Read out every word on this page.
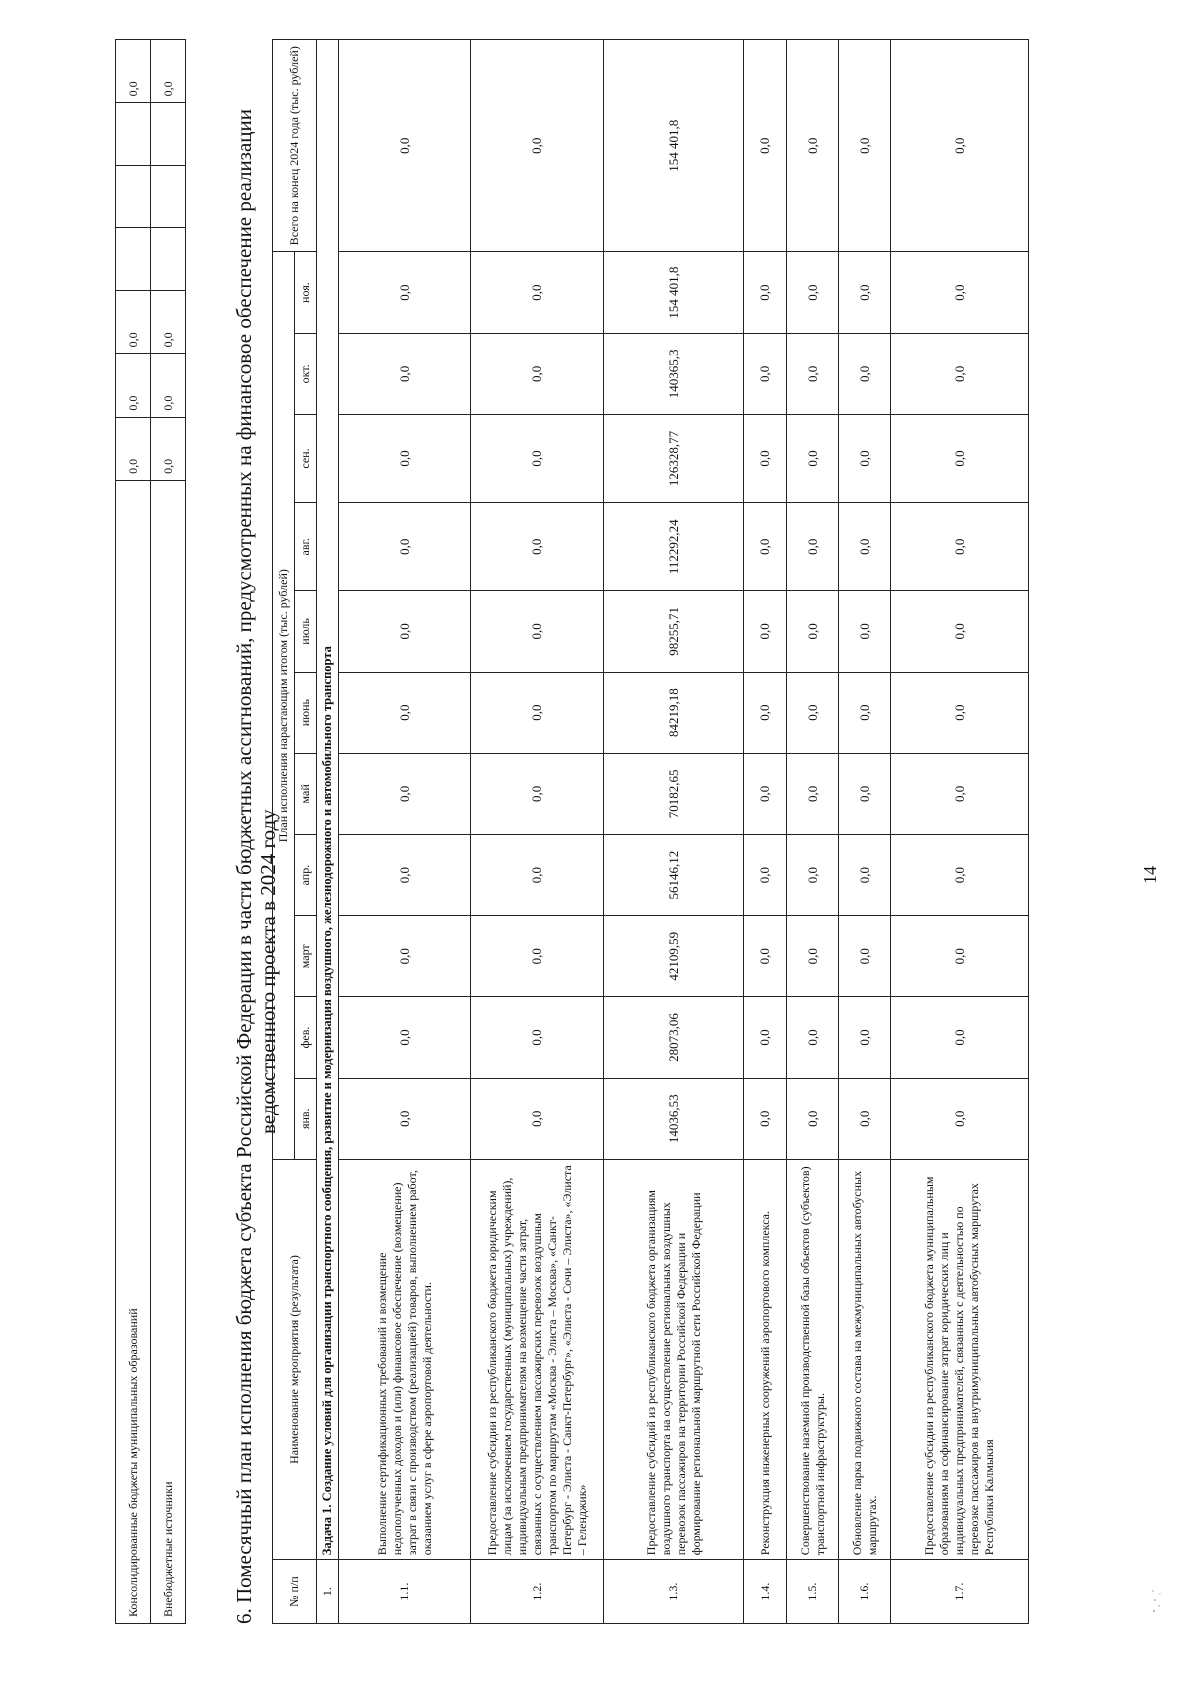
Консолидированные бюджеты муниципальных образований	0,0	0,0	0,0				0,0
Внебюджетные источники	0,0	0,0	0,0				0,0
6. Помесячный план исполнения бюджета субъекта Российской Федерации в части бюджетных ассигнований, предусмотренных на финансовое обеспечение реализации ведомственного проекта в 2024 году
№ п/п	Наименование мероприятия (результата)	План исполнения нарастающим итогом (тыс. рублей)											Всего на конец 2024 года (тыс. рублей)
		янв.	фев.	март	апр.	май	июнь	июль	авг.	сен.	окт.	ноя.	
1.	Задача 1. Создание условий для организации транспортного сообщения, развитие и модернизация воздушного, железнодорожного и автомобильного транспорта												
1.1.	Выполнение сертификационных требований и возмещение недополученных доходов и (или) финансовое обеспечение (возмещение) затрат в связи с производством (реализацией) товаров, выполнением работ, оказанием услуг в сфере аэропортовой деятельности.	0,0	0,0	0,0	0,0	0,0	0,0	0,0	0,0	0,0	0,0	0,0	0,0
1.2.	Предоставление субсидии из республиканского бюджета юридическим лицам (за исключением государственных (муниципальных) учреждений), индивидуальным предпринимателям на возмещение части затрат, связанных с осуществлением пассажирских перевозок воздушным транспортом по маршрутам «Москва - Элиста – Москва», «Санкт-Петербург - Элиста - Санкт-Петербург», «Элиста - Сочи – Элиста», «Элиста – Геленджик»	0,0	0,0	0,0	0,0	0,0	0,0	0,0	0,0	0,0	0,0	0,0	0,0
1.3.	Предоставление субсидий из республиканского бюджета организациям воздушного транспорта на осуществление региональных воздушных перевозок пассажиров на территории Российской Федерации и формирование региональной маршрутной сети Российской Федерации	14036,53	28073,06	42109,59	56146,12	70182,65	84219,18	98255,71	112292,24	126328,77	140365,3	154 401,8	154 401,8
1.4.	Реконструкция инженерных сооружений аэропортового комплекса.	0,0	0,0	0,0	0,0	0,0	0,0	0,0	0,0	0,0	0,0	0,0	0,0
1.5.	Совершенствование наземной производственной базы объектов (субъектов) транспортной инфраструктуры.	0,0	0,0	0,0	0,0	0,0	0,0	0,0	0,0	0,0	0,0	0,0	0,0
1.6.	Обновление парка подвижного состава на межмуниципальных автобусных маршрутах.	0,0	0,0	0,0	0,0	0,0	0,0	0,0	0,0	0,0	0,0	0,0	0,0
1.7.	Предоставление субсидии из республиканского бюджета муниципальным образованиям на софинансирование затрат юридических лиц и индивидуальных предпринимателей, связанных с деятельностью по перевозке пассажиров на внутримуниципальных автобусных маршрутах Республики Калмыкия	0,0	0,0	0,0	0,0	0,0	0,0	0,0	0,0	0,0	0,0	0,0	0,0
14
